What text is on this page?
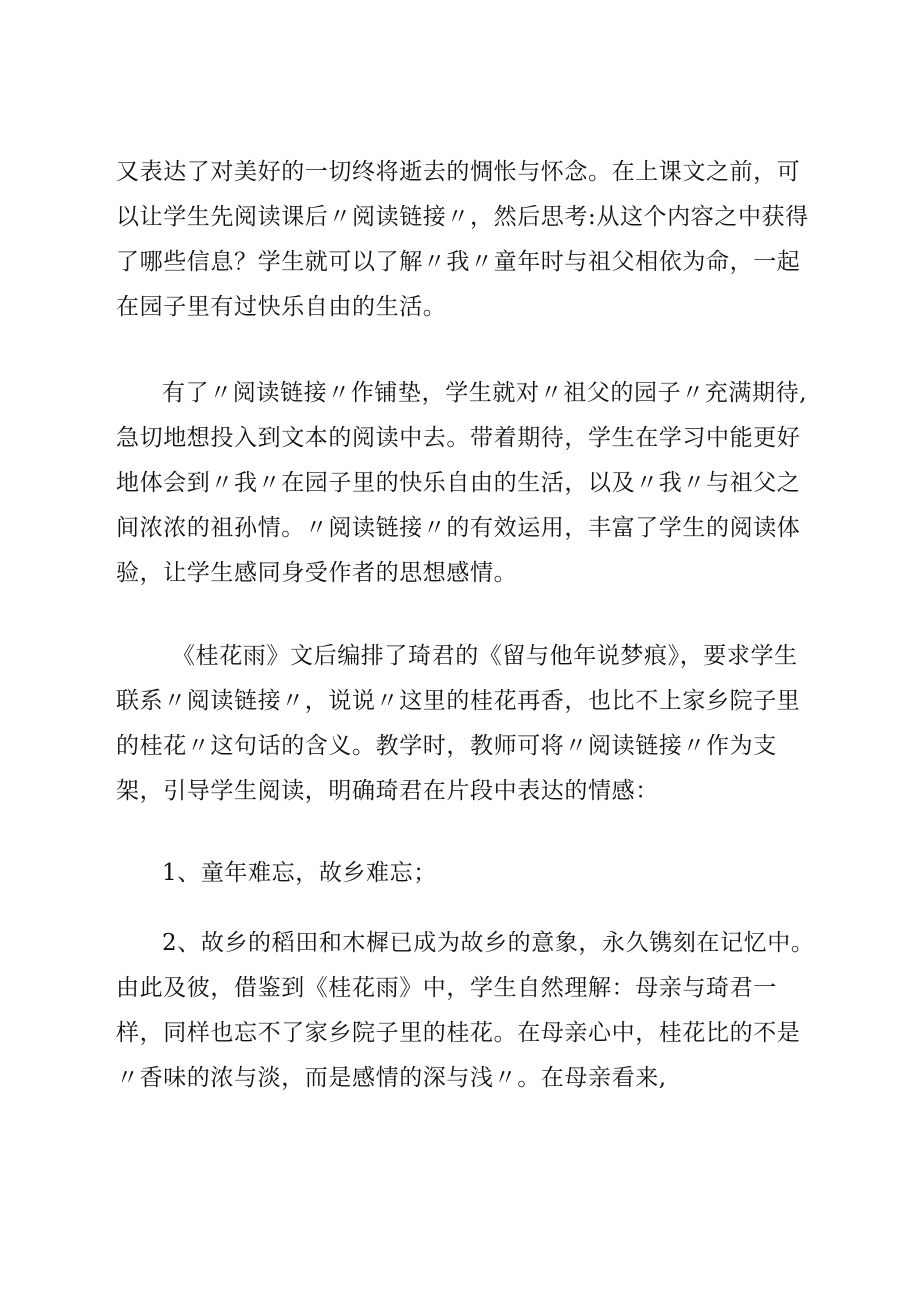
又表达了对美好的一切终将逝去的惆怅与怀念。在上课文之前，可以让学生先阅读课后〃阅读链接〃，然后思考:从这个内容之中获得了哪些信息？学生就可以了解〃我〃童年时与祖父相依为命，一起在园子里有过快乐自由的生活。

有了〃阅读链接〃作铺垫，学生就对〃祖父的园子〃充满期待,急切地想投入到文本的阅读中去。带着期待，学生在学习中能更好地体会到〃我〃在园子里的快乐自由的生活，以及〃我〃与祖父之间浓浓的祖孙情。〃阅读链接〃的有效运用，丰富了学生的阅读体验，让学生感同身受作者的思想感情。

《桂花雨》文后编排了琦君的《留与他年说梦痕》，要求学生联系〃阅读链接〃，说说〃这里的桂花再香，也比不上家乡院子里的桂花〃这句话的含义。教学时，教师可将〃阅读链接〃作为支架，引导学生阅读，明确琦君在片段中表达的情感：

1、童年难忘，故乡难忘；

2、故乡的稻田和木樨已成为故乡的意象，永久镌刻在记忆中。由此及彼，借鉴到《桂花雨》中，学生自然理解：母亲与琦君一样，同样也忘不了家乡院子里的桂花。在母亲心中，桂花比的不是〃香味的浓与淡，而是感情的深与浅〃。在母亲看来,
